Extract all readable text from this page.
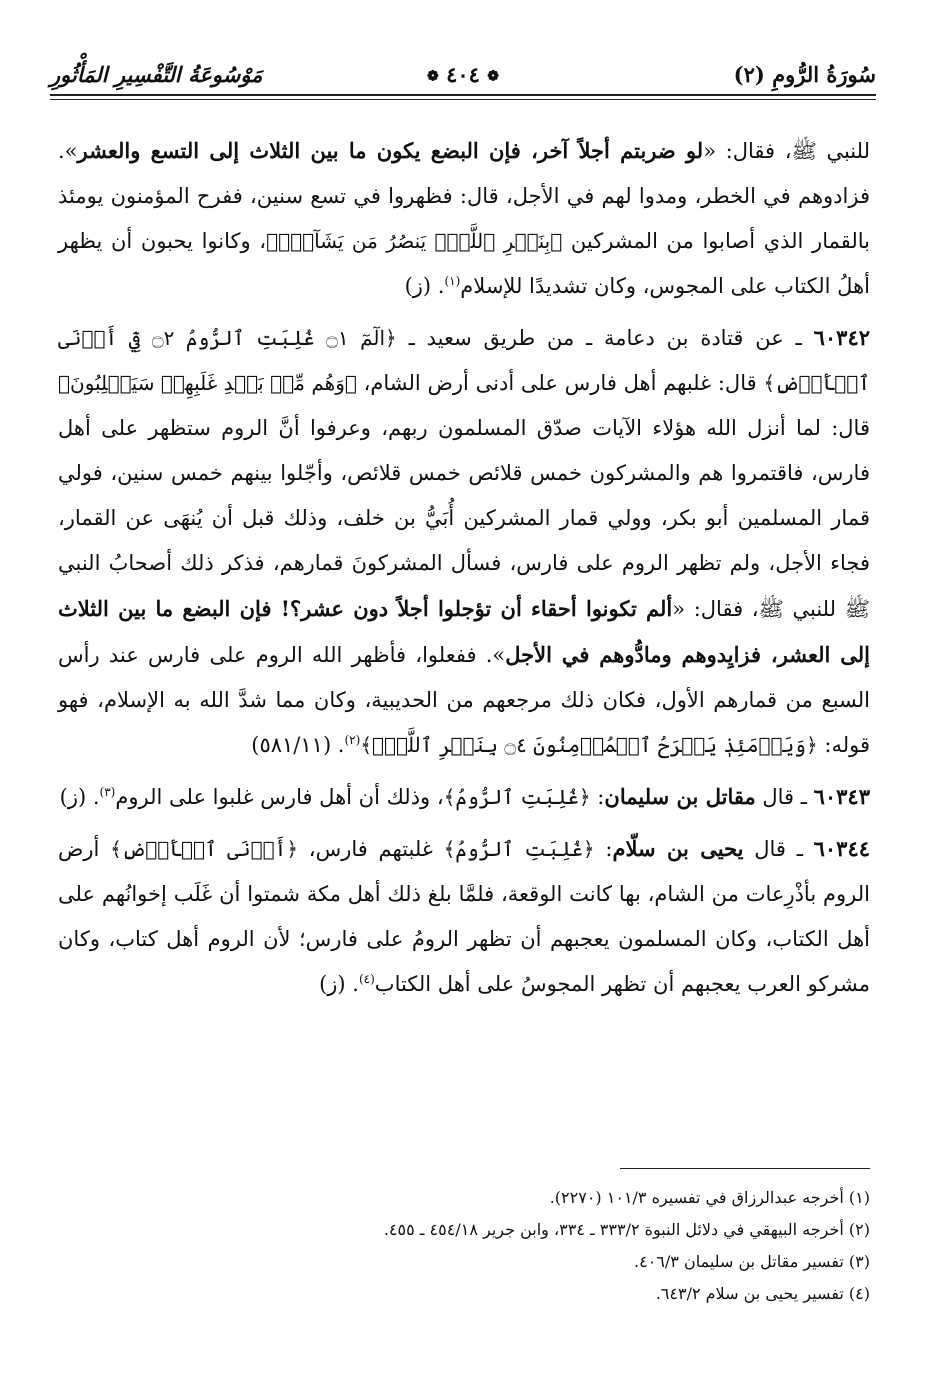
سُورَةُ الرُّومِ (٢)
❁ ٤٠٤ ❁
مَوْسُوعَةُ التَّفْسِيرِ المَأْثُورِ

للنبي ﷺ، فقال: «لو ضربتم أجلاً آخر، فإن البضع يكون ما بين الثلاث إلى التسع والعشر». فزادوهم في الخطر، ومدوا لهم في الأجل، قال: فظهروا في تسع سنين، ففرح المؤمنون يومئذ بالقمار الذي أصابوا من المشركين ﴿بِنَصۡرِ ٱللَّهِۚ يَنصُرُ مَن يَشَآءُۖ﴾، وكانوا يحبون أن يظهر أهلُ الكتاب على المجوس، وكان تشديدًا للإسلام$^{(١)}$. (ز)

٦٠٣٤٢ ـ عن قتادة بن دعامة ـ من طريق سعيد ـ ﴿الٓمٓ ۝١ غُلِبَتِ ٱلرُّومُ ۝٢ فِيٓ أَدۡنَى ٱلۡأَرۡضِ﴾ قال: غلبهم أهل فارس على أدنى أرض الشام، ﴿وَهُم مِّنۢ بَعۡدِ غَلَبِهِمۡ سَيَغۡلِبُونَ﴾ قال: لما أنزل الله هؤلاء الآيات صدّق المسلمون ربهم، وعرفوا أنَّ الروم ستظهر على أهل فارس، فاقتمروا هم والمشركون خمس قلائص خمس قلائص، وأجّلوا بينهم خمس سنين، فولي قمار المسلمين أبو بكر، وولي قمار المشركين أُبَيُّ بن خلف، وذلك قبل أن يُنهَى عن القمار، فجاء الأجل، ولم تظهر الروم على فارس، فسأل المشركونَ قمارهم، فذكر ذلك أصحابُ النبي ﷺ للنبي ﷺ، فقال: «ألم تكونوا أحقاء أن تؤجلوا أجلاً دون عشر؟! فإن البضع ما بين الثلاث إلى العشر، فزايِدوهم ومادُّوهم في الأجل». ففعلوا، فأظهر الله الروم على فارس عند رأس السبع من قمارهم الأول، فكان ذلك مرجعهم من الحديبية، وكان مما شدَّ الله به الإسلام، فهو قوله: ﴿وَيَوۡمَئِذٖ يَفۡرَحُ ٱلۡمُؤۡمِنُونَ ۝٤ بِنَصۡرِ ٱللَّهِۚ﴾$^{(٢)}$. (٥٨١/١١)

٦٠٣٤٣ ـ قال مقاتل بن سليمان: ﴿غُلِبَتِ ٱلرُّومُ﴾، وذلك أن أهل فارس غلبوا على الروم$^{(٣)}$. (ز)

٦٠٣٤٤ ـ قال يحيى بن سلّام: ﴿غُلِبَتِ ٱلرُّومُ﴾ غلبتهم فارس، ﴿أَدۡنَى ٱلۡأَرۡضِ﴾ أرض الروم بأذْرِعات من الشام، بها كانت الوقعة، فلمَّا بلغ ذلك أهل مكة شمتوا أن غَلَب إخوانُهم على أهل الكتاب، وكان المسلمون يعجبهم أن تظهر الرومُ على فارس؛ لأن الروم أهل كتاب، وكان مشركو العرب يعجبهم أن تظهر المجوسُ على أهل الكتاب$^{(٤)}$. (ز)

(١) أخرجه عبدالرزاق في تفسيره ١٠١/٣ (٢٢٧٠).

(٢) أخرجه البيهقي في دلائل النبوة ٣٣٣/٢ ـ ٣٣٤، وابن جرير ٤٥٤/١٨ ـ ٤٥٥.

(٣) تفسير مقاتل بن سليمان ٤٠٦/٣.

(٤) تفسير يحيى بن سلام ٦٤٣/٢.
